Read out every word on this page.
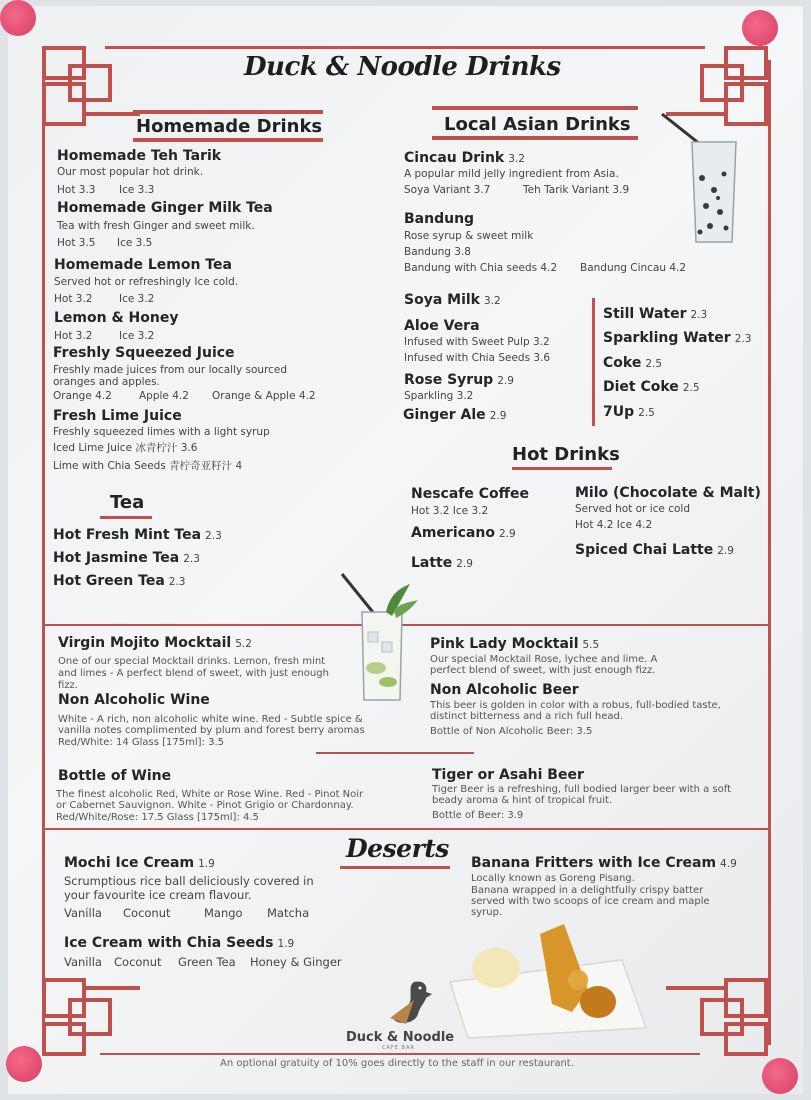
Duck & Noodle Drinks
Homemade Drinks	Local Asian Drinks
Homemade Teh Tarik
Our most popular hot drink.
Hot 3.3 Ice 3.3
Homemade Ginger Milk Tea
Tea with fresh Ginger and sweet milk.
Hot 3.5 Ice 3.5
Homemade Lemon Tea
Served hot or refreshingly Ice cold.
Hot 3.2	Ice 3.2
Lemon & Honey
Hot 3.2	Ice 3.2
Freshly Squeezed Juice
Freshly made juices from our locally sourced
oranges and apples.
Orange 4.2	Apple 4.2 Orange & Apple 4.2
Fresh Lime Juice
Freshly squeezed limes with a light syrup
Iced Lime Juice 冰青柠汁 3.6
Lime with Chia Seeds 青柠奇亚籽汁 4
Tea
Hot Fresh Mint Tea 2.3
Hot Jasmine Tea 2.3
Hot Green Tea 2.3
Cincau Drink 3.2
A popular mild jelly ingredient from Asia.
Soya Variant 3.7	Teh Tarik Variant 3.9
Bandung
Rose syrup & sweet milk
Bandung 3.8
Bandung with Chia seeds 4.2 Bandung Cincau 4.2
Soya Milk 3.2
Aloe Vera
Infused with Sweet Pulp 3.2
Infused with Chia Seeds 3.6
Rose Syrup 2.9
Sparkling 3.2
Ginger Ale 2.9
Still Water 2.3
Sparkling Water 2.3
Coke 2.5
Diet Coke 2.5
7Up 2.5
Hot Drinks
Nescafe Coffee
Hot 3.2 Ice 3.2
Americano 2.9
Latte 2.9
Milo (Chocolate & Malt)
Served hot or ice cold
Hot 4.2 Ice 4.2
Spiced Chai Latte 2.9
Virgin Mojito Mocktail 5.2
One of our special Mocktail drinks. Lemon, fresh mint
and limes - A perfect blend of sweet, with just enough
fizz.
Non Alcoholic Wine
White - A rich, non alcoholic white wine. Red - Subtle spice &
vanilla notes complimented by plum and forest berry aromas
Red/White: 14 Glass [175ml]: 3.5
Pink Lady Mocktail 5.5
Our special Mocktail Rose, lychee and lime. A
perfect blend of sweet, with just enough fizz.
Non Alcoholic Beer
This beer is golden in color with a robus, full-bodied taste,
distinct bitterness and a rich full head.
Bottle of Non Alcoholic Beer: 3.5
Bottle of Wine
The finest alcoholic Red, White or Rose Wine. Red - Pinot Noir
or Cabernet Sauvignon. White - Pinot Grigio or Chardonnay.
Red/White/Rose: 17.5 Glass [175ml]: 4.5
Tiger or Asahi Beer
Tiger Beer is a refreshing, full bodied larger beer with a soft
beady aroma & hint of tropical fruit.
Bottle of Beer: 3.9
Deserts
Mochi Ice Cream 1.9
Scrumptious rice ball deliciously covered in
your favourite ice cream flavour.
Vanilla Coconut	Mango Matcha
Ice Cream with Chia Seeds 1.9
Vanilla Coconut Green Tea Honey & Ginger
Banana Fritters with Ice Cream 4.9
Locally known as Goreng Pisang.
Banana wrapped in a delightfully crispy batter
served with two scoops of ice cream and maple
syrup.
Duck & Noodle
CAFE BAR
An optional gratuity of 10% goes directly to the staff in our restaurant.
